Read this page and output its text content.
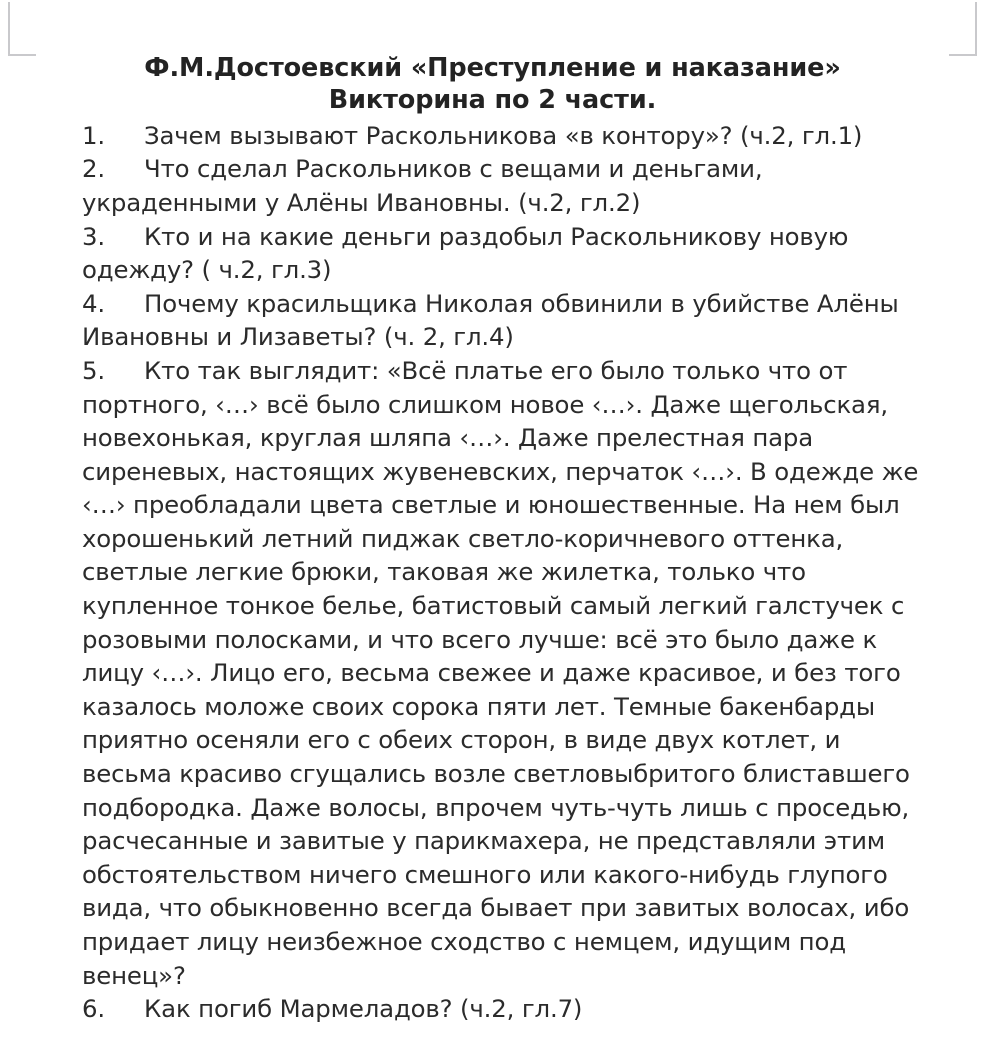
Ф.М.Достоевский «Преступление и наказание»
Викторина по 2 части.
1. Зачем вызывают Раскольникова «в контору»? (ч.2, гл.1)
2. Что сделал Раскольников с вещами и деньгами, украденными у Алёны Ивановны. (ч.2, гл.2)
3. Кто и на какие деньги раздобыл Раскольникову новую одежду? ( ч.2, гл.3)
4. Почему красильщика Николая обвинили в убийстве Алёны Ивановны и Лизаветы? (ч. 2, гл.4)
5. Кто так выглядит: «Всё платье его было только что от портного, ‹…› всё было слишком новое ‹…›. Даже щегольская, новехонькая, круглая шляпа ‹…›. Даже прелестная пара сиреневых, настоящих жувеневских, перчаток ‹…›. В одежде же ‹…› преобладали цвета светлые и юношественные. На нем был хорошенький летний пиджак светло-коричневого оттенка, светлые легкие брюки, таковая же жилетка, только что купленное тонкое белье, батистовый самый легкий галстучек с розовыми полосками, и что всего лучше: всё это было даже к лицу ‹…›. Лицо его, весьма свежее и даже красивое, и без того казалось моложе своих сорока пяти лет. Темные бакенбарды приятно осеняли его с обеих сторон, в виде двух котлет, и весьма красиво сгущались возле светловыбритого блиставшего подбородка. Даже волосы, впрочем чуть-чуть лишь с проседью, расчесанные и завитые у парикмахера, не представляли этим обстоятельством ничего смешного или какого-нибудь глупого вида, что обыкновенно всегда бывает при завитых волосах, ибо придает лицу неизбежное сходство с немцем, идущим под венец»?
6. Как погиб Мармеладов? (ч.2, гл.7)
